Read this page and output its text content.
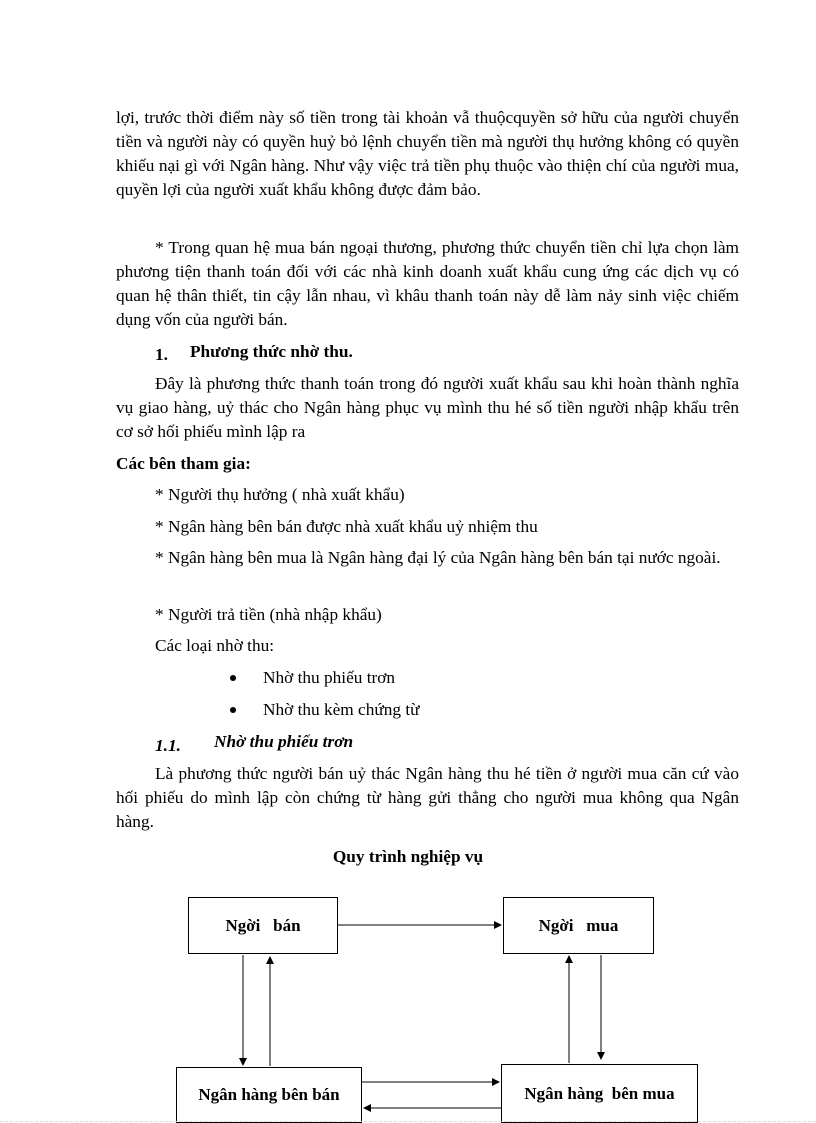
lợi, trước thời điểm này số tiền trong tài khoản vẫ thuộcquyền sở hữu của người chuyển tiền và người này có quyền huỷ bỏ lệnh chuyển tiền mà người thụ hưởng không có quyền khiếu nại gì với Ngân hàng. Như vậy việc trả tiền phụ thuộc vào thiện chí của người mua, quyền lợi của người xuất khẩu không được đảm bảo.

* Trong quan hệ mua bán ngoại thương, phương thức chuyển tiền chỉ lựa chọn làm phương tiện thanh toán đối với các nhà kinh doanh xuất khẩu cung ứng các dịch vụ có quan hệ thân thiết, tin cậy lẫn nhau, vì khâu thanh toán này dễ làm nảy sinh việc chiếm dụng vốn của người bán.

1. Phương thức nhờ thu.

Đây là phương thức thanh toán trong đó người xuất khẩu sau khi hoàn thành nghĩa vụ giao hàng, uỷ thác cho Ngân hàng phục vụ mình thu hé số tiền người nhập khẩu trên cơ sở hối phiếu mình lập ra

Các bên tham gia:
* Người thụ hưởng ( nhà xuất khẩu)
* Ngân hàng bên bán được nhà xuất khẩu uỷ nhiệm thu

* Ngân hàng bên mua là Ngân hàng đại lý của Ngân hàng bên bán tại nước ngoài.

* Người trả tiền (nhà nhập khẩu)
Các loại nhờ thu:
Nhờ thu phiếu trơn
Nhờ thu kèm chứng từ
1.1. Nhờ thu phiếu trơn

Là phương thức người bán uỷ thác Ngân hàng thu hé tiền ở người mua căn cứ vào hối phiếu do mình lập còn chứng từ hàng gửi thẳng cho người mua không qua Ngân hàng.

Quy trình nghiệp vụ
Ngời   bán	Ngời   mua
Ngân hàng bên bán	Ngân hàng  bên mua
